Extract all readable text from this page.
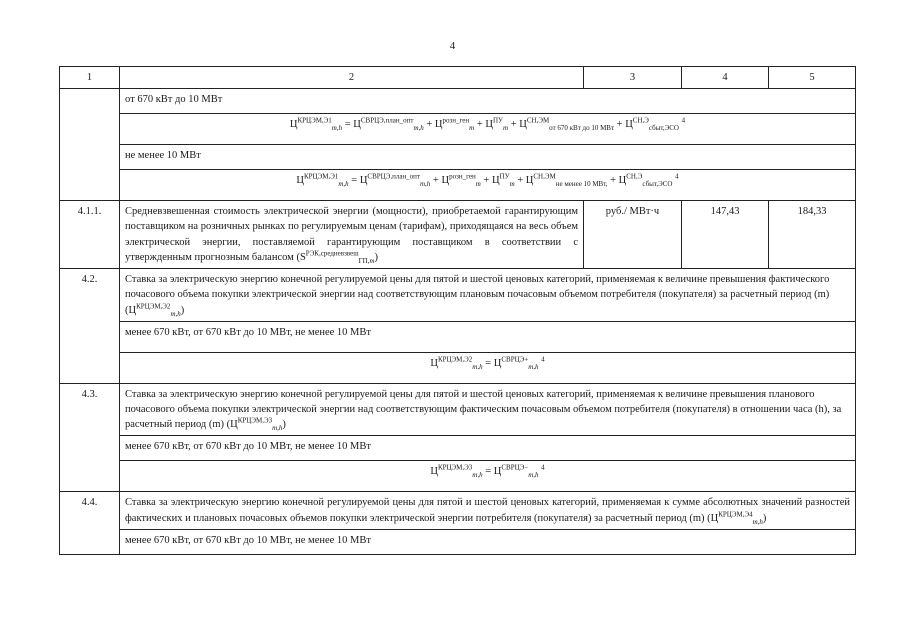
4
1	2	3	4	5
	от 670 кВт до 10 МВт			
	$Ц^{КРЦЭМ,Э1}_{m,h} = Ц^{СВРЦЭ,план\_опт}_{m,h} + Ц^{розн\_ген}_m + Ц^{ПУ}_m + Ц^{СН,ЭМ}_{от 670 кВт до 10 МВт} + Ц^{СН,Э}_{сбыт,ЭСО}$ $^4$
	не менее 10 МВт			
	$Ц^{КРЦЭМ,Э1}_{m,h} = Ц^{СВРЦЭ,план\_опт}_{m,h} + Ц^{розн\_ген}_m + Ц^{ПУ}_m + Ц^{СН,ЭМ}_{не менее 10 МВт,} + Ц^{СН,Э}_{сбыт,ЭСО}$ $^4$
4.1.1.	Средневзвешенная стоимость электрической энергии (мощности), приобретаемой гарантирующим поставщиком на розничных рынках по регулируемым ценам (тарифам), приходящаяся на весь объем электрической энергии, поставляемой гарантирующим поставщиком в соответствии с утвержденным прогнозным балансом $(S^{РЭК,средневзвеш}_{ГП,m})$	руб./ МВт·ч	147,43	184,33
4.2.	Ставка за электрическую энергию конечной регулируемой цены для пятой и шестой ценовых категорий, применяемая к величине превышения фактического почасового объема покупки электрической энергии над соответствующим плановым почасовым объемом потребителя (покупателя) за расчетный период (m) $(Ц^{КРЦЭМ,Э2}_{m,h})$			
	менее 670 кВт, от 670 кВт до 10 МВт, не менее 10 МВт			
	$Ц^{КРЦЭМ,Э2}_{m,h} = Ц^{СВРЦЭ+}_{m,h}$ $^4$
4.3.	Ставка за электрическую энергию конечной регулируемой цены для пятой и шестой ценовых категорий, применяемая к величине превышения планового почасового объема покупки электрической энергии над соответствующим фактическим почасовым объемом потребителя (покупателя) в отношении часа (h), за расчетный период (m) $(Ц^{КРЦЭМ,Э3}_{m,h})$			
	менее 670 кВт, от 670 кВт до 10 МВт, не менее 10 МВт			
	$Ц^{КРЦЭМ,Э3}_{m,h} = Ц^{СВРЦЭ-}_{m,h}$ $^4$
4.4.	Ставка за электрическую энергию конечной регулируемой цены для пятой и шестой ценовых категорий, применяемая к сумме абсолютных значений разностей фактических и плановых почасовых объемов покупки электрической энергии потребителя (покупателя) за расчетный период (m) $(Ц^{КРЦЭМ,Э4}_{m,h})$			
	менее 670 кВт, от 670 кВт до 10 МВт, не менее 10 МВт			
